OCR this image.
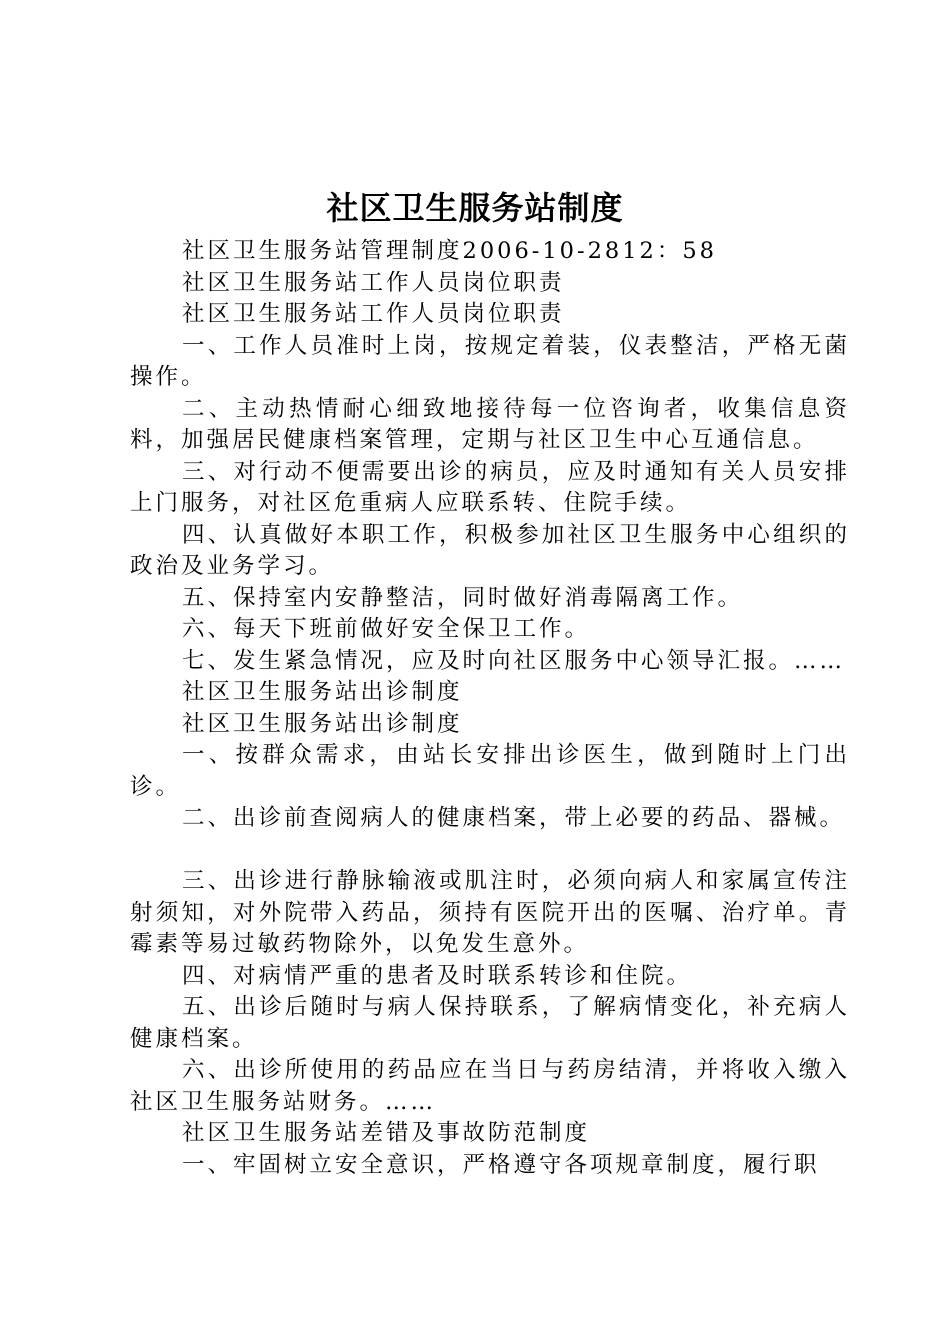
社区卫生服务站制度

社区卫生服务站管理制度2006-10-2812：58

社区卫生服务站工作人员岗位职责

社区卫生服务站工作人员岗位职责

一、工作人员准时上岗，按规定着装，仪表整洁，严格无菌操作。

二、主动热情耐心细致地接待每一位咨询者，收集信息资料，加强居民健康档案管理，定期与社区卫生中心互通信息。

三、对行动不便需要出诊的病员，应及时通知有关人员安排上门服务，对社区危重病人应联系转、住院手续。

四、认真做好本职工作，积极参加社区卫生服务中心组织的政治及业务学习。

五、保持室内安静整洁，同时做好消毒隔离工作。

六、每天下班前做好安全保卫工作。

七、发生紧急情况，应及时向社区服务中心领导汇报。……

社区卫生服务站出诊制度

社区卫生服务站出诊制度

一、按群众需求，由站长安排出诊医生，做到随时上门出诊。

二、出诊前查阅病人的健康档案，带上必要的药品、器械。

三、出诊进行静脉输液或肌注时，必须向病人和家属宣传注射须知，对外院带入药品，须持有医院开出的医嘱、治疗单。青霉素等易过敏药物除外，以免发生意外。

四、对病情严重的患者及时联系转诊和住院。

五、出诊后随时与病人保持联系，了解病情变化，补充病人健康档案。

六、出诊所使用的药品应在当日与药房结清，并将收入缴入社区卫生服务站财务。……

社区卫生服务站差错及事故防范制度

一、牢固树立安全意识，严格遵守各项规章制度，履行职
